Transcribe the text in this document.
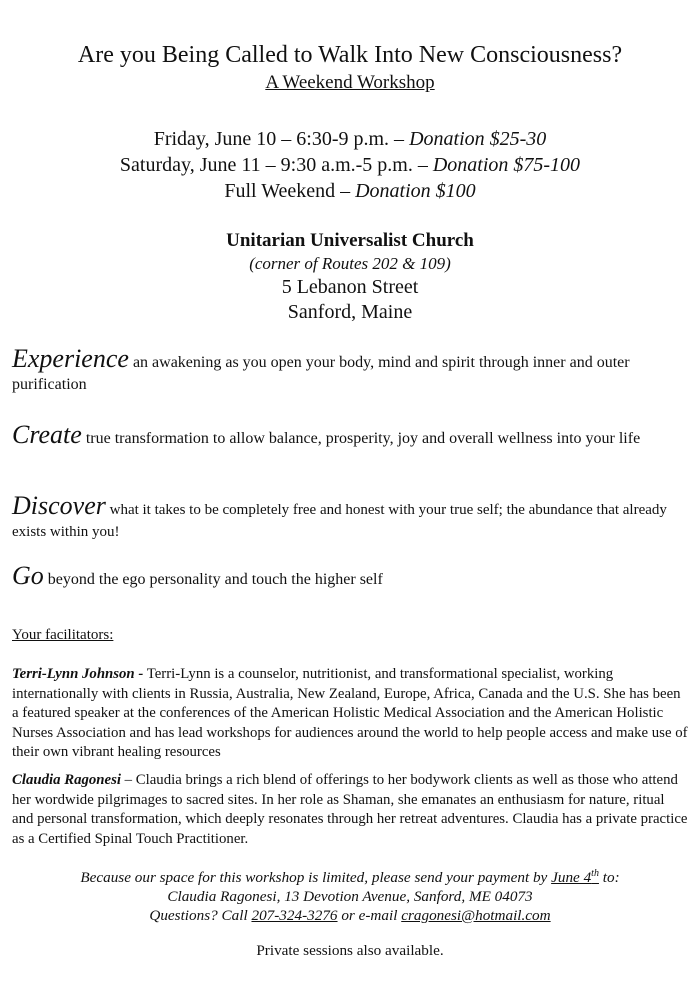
Are you Being Called to Walk Into New Consciousness?
A Weekend Workshop
Friday, June 10 – 6:30-9 p.m. – Donation $25-30
Saturday, June 11 – 9:30 a.m.-5 p.m. – Donation $75-100
Full Weekend – Donation $100
Unitarian Universalist Church
(corner of Routes 202 & 109)
5 Lebanon Street
Sanford, Maine
Experience an awakening as you open your body, mind and spirit through inner and outer purification
Create true transformation to allow balance, prosperity, joy and overall wellness into your life
Discover what it takes to be completely free and honest with your true self; the abundance that already exists within you!
Go beyond the ego personality and touch the higher self
Your facilitators:
Terri-Lynn Johnson - Terri-Lynn is a counselor, nutritionist, and transformational specialist, working internationally with clients in Russia, Australia, New Zealand, Europe, Africa, Canada and the U.S. She has been a featured speaker at the conferences of the American Holistic Medical Association and the American Holistic Nurses Association and has lead workshops for audiences around the world to help people access and make use of their own vibrant healing resources
Claudia Ragonesi – Claudia brings a rich blend of offerings to her bodywork clients as well as those who attend her wordwide pilgrimages to sacred sites. In her role as Shaman, she emanates an enthusiasm for nature, ritual and personal transformation, which deeply resonates through her retreat adventures. Claudia has a private practice as a Certified Spinal Touch Practitioner.
Because our space for this workshop is limited, please send your payment by June 4th to:
Claudia Ragonesi, 13 Devotion Avenue, Sanford, ME 04073
Questions? Call 207-324-3276 or e-mail cragonesi@hotmail.com
Private sessions also available.
